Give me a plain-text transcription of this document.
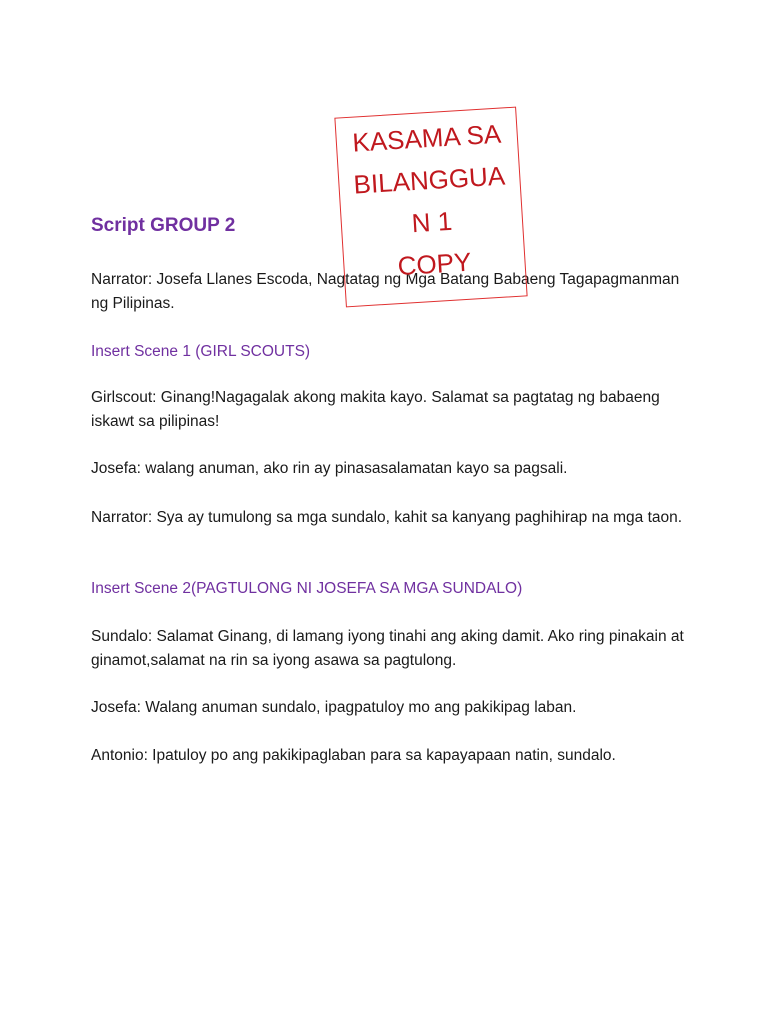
Script GROUP 2
Narrator: Josefa Llanes Escoda, Nagtatag ng Mga Batang Babaeng Tagapagmanman ng Pilipinas.
Insert Scene 1 (GIRL SCOUTS)
Girlscout: Ginang!Nagagalak akong makita kayo. Salamat sa pagtatag ng babaeng iskawt sa pilipinas!
Josefa: walang anuman, ako rin ay pinasasalamatan kayo sa pagsali.
Narrator: Sya ay tumulong sa mga sundalo, kahit sa kanyang paghihirap na mga taon.
Insert Scene 2(PAGTULONG NI JOSEFA SA MGA SUNDALO)
Sundalo: Salamat Ginang, di lamang iyong tinahi ang aking damit. Ako ring pinakain at ginamot,salamat na rin sa iyong asawa sa pagtulong.
Josefa: Walang anuman sundalo, ipagpatuloy mo ang pakikipag laban.
Antonio: Ipatuloy po ang pakikipaglaban para sa kapayapaan natin, sundalo.
KASAMA SA
BILANGGUA
N 1
COPY
